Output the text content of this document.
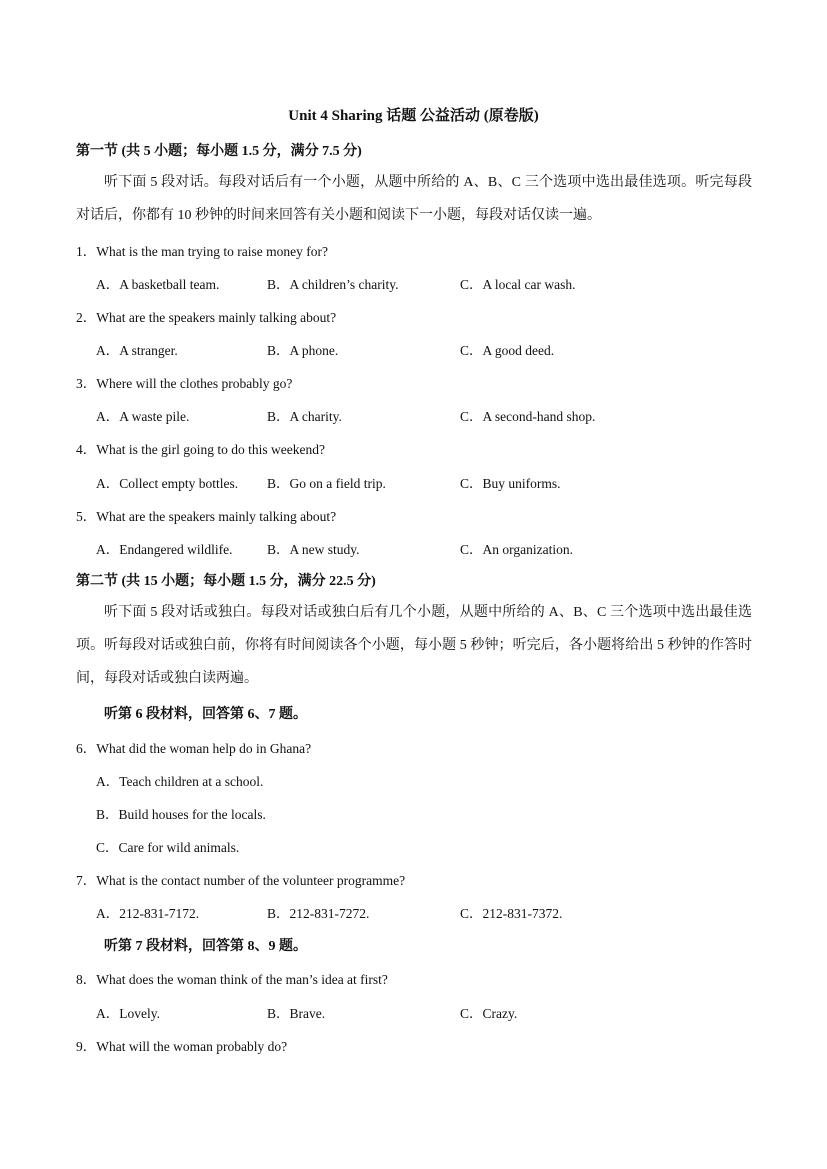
Unit 4 Sharing 话题 公益活动 (原卷版)
第一节 (共 5 小题；每小题 1.5 分，满分 7.5 分)
听下面 5 段对话。每段对话后有一个小题，从题中所给的 A、B、C 三个选项中选出最佳选项。听完每段对话后，你都有 10 秒钟的时间来回答有关小题和阅读下一小题，每段对话仅读一遍。
1．What is the man trying to raise money for?
A．A basketball team.	B．A children’s charity.	C．A local car wash.
2．What are the speakers mainly talking about?
A．A stranger.	B．A phone.	C．A good deed.
3．Where will the clothes probably go?
A．A waste pile.	B．A charity.	C．A second-hand shop.
4．What is the girl going to do this weekend?
A．Collect empty bottles. B．Go on a field trip.	C．Buy uniforms.
5．What are the speakers mainly talking about?
A．Endangered wildlife.	B．A new study.	C．An organization.
第二节 (共 15 小题；每小题 1.5 分，满分 22.5 分)
听下面 5 段对话或独白。每段对话或独白后有几个小题，从题中所给的 A、B、C 三个选项中选出最佳选项。听每段对话或独白前，你将有时间阅读各个小题，每小题 5 秒钟；听完后，各小题将给出 5 秒钟的作答时间，每段对话或独白读两遍。
听第 6 段材料，回答第 6、7 题。
6．What did the woman help do in Ghana?
A．Teach children at a school.
B．Build houses for the locals.
C．Care for wild animals.
7．What is the contact number of the volunteer programme?
A．212-831-7172.	B．212-831-7272.	C．212-831-7372.
听第 7 段材料，回答第 8、9 题。
8．What does the woman think of the man’s idea at first?
A．Lovely.	B．Brave.	C．Crazy.
9．What will the woman probably do?
